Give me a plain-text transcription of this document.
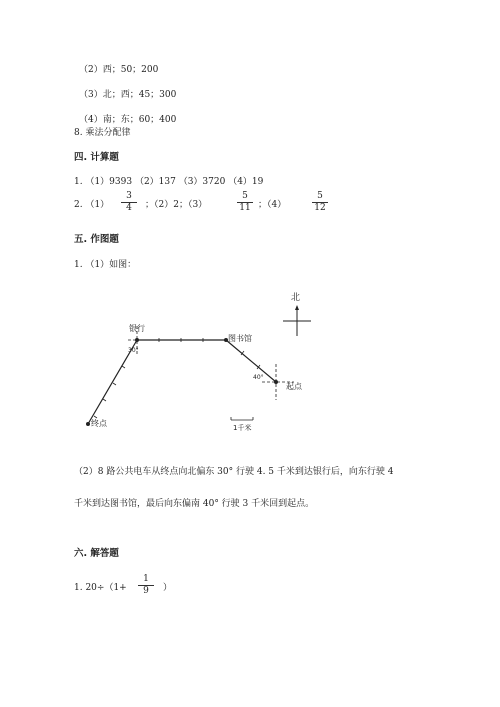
（2）西；50；200
（3）北；西；45；300
（4）南；东；60；400
8. 乘法分配律
四. 计算题
1. （1）9393 （2）137 （3）3720 （4）19
2. （1）
3
4	；（2）2；（3）
5
11 ；（4）
5
12
五. 作图题
1. （1）如图：
北
银行
30°
图书馆
40°
起点
终点	1千米
（2）8 路公共电车从终点向北偏东 30° 行驶 4. 5 千米到达银行后，向东行驶 4
千米到达图书馆，最后向东偏南 40° 行驶 3 千米回到起点。
六. 解答题
1. 20÷（1+
1
9	）
